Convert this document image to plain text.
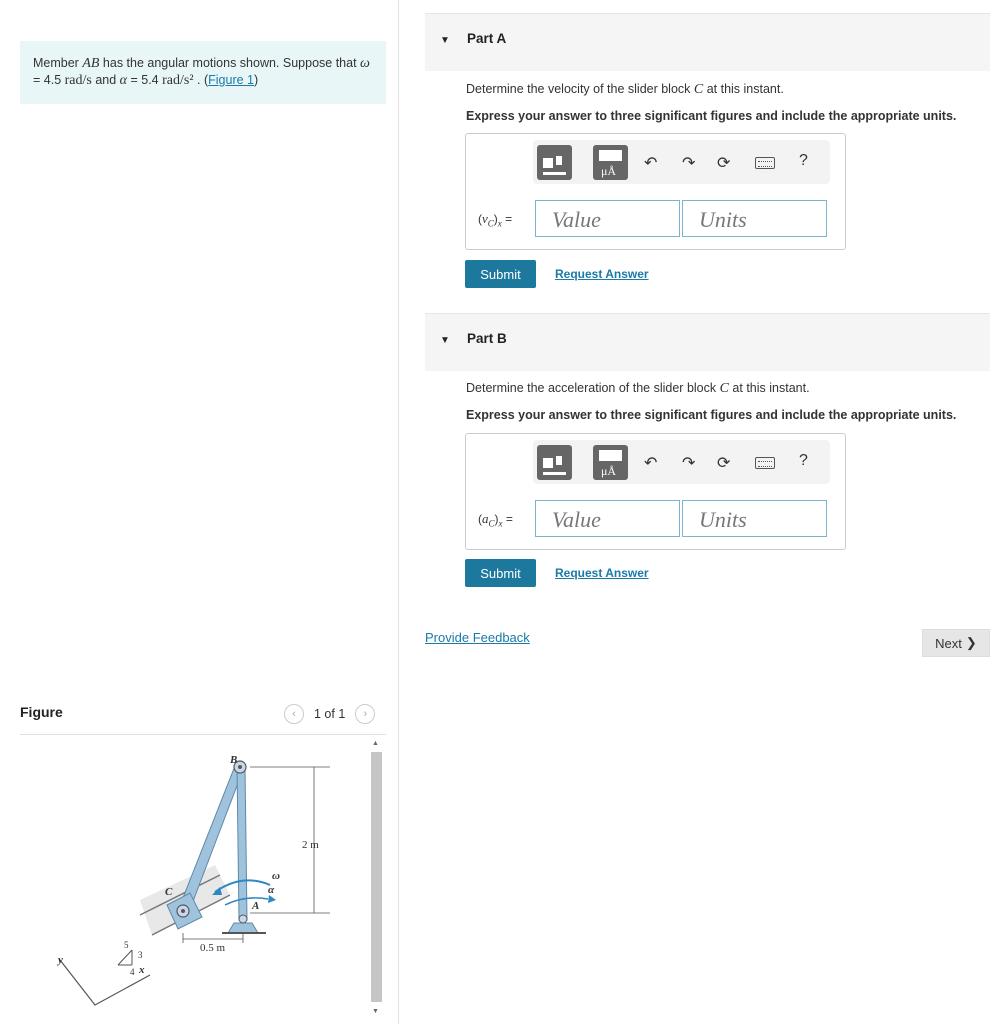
Member AB has the angular motions shown. Suppose that ω = 4.5 rad/s and α = 5.4 rad/s² . (Figure 1)
Figure	‹ 1 of 1 ›
B
C
A
ω
α
2 m
0.5 m
5
4
3
x
y
▲
▼
▼ Part A
Determine the velocity of the slider block C at this instant.
Express your answer to three significant figures and include the appropriate units.
μÅ ↶ ↷ ⟳	?
$(v_C)_x$ =
Value
Units
Submit	Request Answer
▼ Part B
Determine the acceleration of the slider block C at this instant.
Express your answer to three significant figures and include the appropriate units.
μÅ ↶ ↷ ⟳	?
$(a_C)_x$ =
Value
Units
Submit	Request Answer
Provide Feedback	Next ❯
